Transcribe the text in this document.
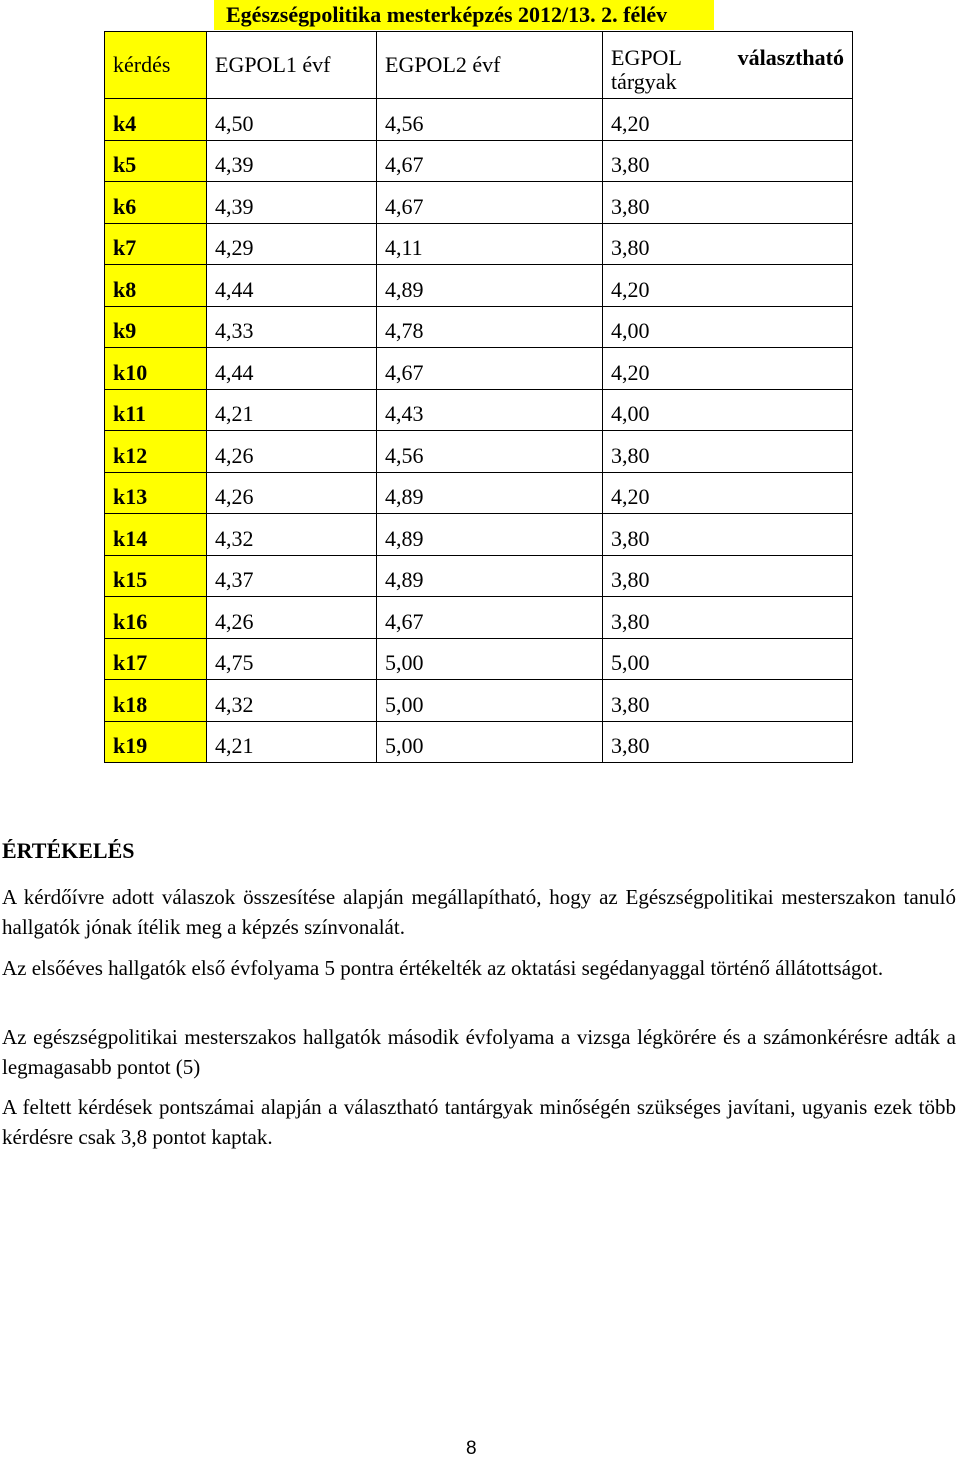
Egészségpolitika mesterképzés 2012/13. 2. félév
kérdés	EGPOL1 évf	EGPOL2 évf	EGPOL választható
tárgyak

k4	4,50	4,56	4,20
k5	4,39	4,67	3,80
k6	4,39	4,67	3,80
k7	4,29	4,11	3,80
k8	4,44	4,89	4,20
k9	4,33	4,78	4,00
k10	4,44	4,67	4,20
k11	4,21	4,43	4,00
k12	4,26	4,56	3,80
k13	4,26	4,89	4,20
k14	4,32	4,89	3,80
k15	4,37	4,89	3,80
k16	4,26	4,67	3,80
k17	4,75	5,00	5,00
k18	4,32	5,00	3,80
k19	4,21	5,00	3,80
ÉRTÉKELÉS
A kérdőívre adott válaszok összesítése alapján megállapítható, hogy az Egészségpolitikai mesterszakon tanuló hallgatók jónak ítélik meg a képzés színvonalát.
Az elsőéves hallgatók első évfolyama 5 pontra értékelték az oktatási segédanyaggal történő állátottságot.
Az egészségpolitikai mesterszakos hallgatók második évfolyama a vizsga légkörére és a számonkérésre adták a legmagasabb pontot (5)
A feltett kérdések pontszámai alapján a választható tantárgyak minőségén szükséges javítani, ugyanis ezek több kérdésre csak 3,8 pontot kaptak.
8
